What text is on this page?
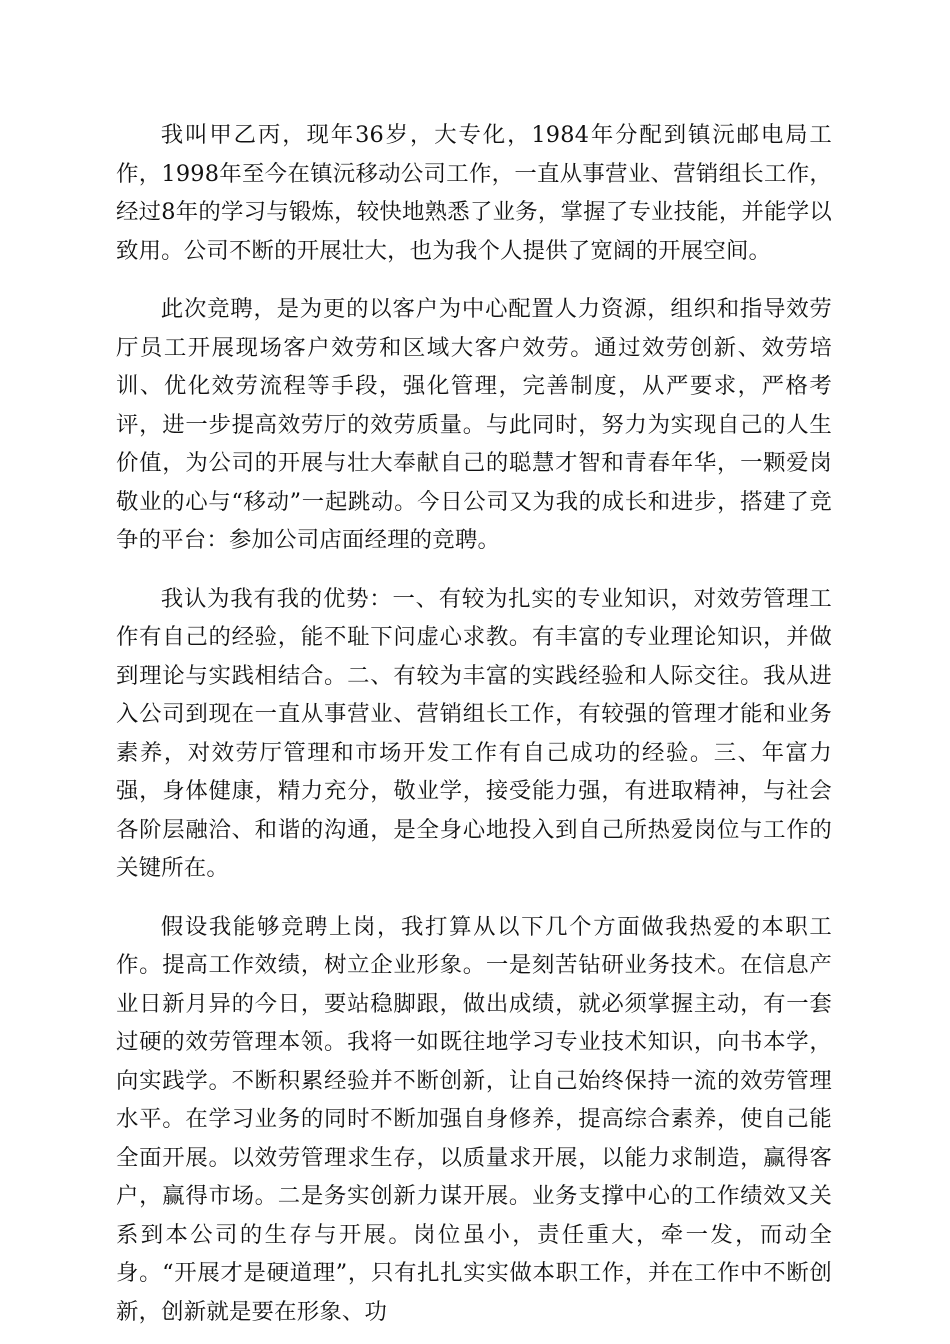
我叫甲乙丙，现年36岁，大专化，1984年分配到镇沅邮电局工作，1998年至今在镇沅移动公司工作，一直从事营业、营销组长工作，经过8年的学习与锻炼，较快地熟悉了业务，掌握了专业技能，并能学以致用。公司不断的开展壮大，也为我个人提供了宽阔的开展空间。

此次竞聘，是为更的以客户为中心配置人力资源，组织和指导效劳厅员工开展现场客户效劳和区域大客户效劳。通过效劳创新、效劳培训、优化效劳流程等手段，强化管理，完善制度，从严要求，严格考评，进一步提高效劳厅的效劳质量。与此同时，努力为实现自己的人生价值，为公司的开展与壮大奉献自己的聪慧才智和青春年华，一颗爱岗敬业的心与“移动”一起跳动。今日公司又为我的成长和进步，搭建了竞争的平台：参加公司店面经理的竞聘。

我认为我有我的优势：一、有较为扎实的专业知识，对效劳管理工作有自己的经验，能不耻下问虚心求教。有丰富的专业理论知识，并做到理论与实践相结合。二、有较为丰富的实践经验和人际交往。我从进入公司到现在一直从事营业、营销组长工作，有较强的管理才能和业务素养，对效劳厅管理和市场开发工作有自己成功的经验。三、年富力强，身体健康，精力充分，敬业学，接受能力强，有进取精神，与社会各阶层融洽、和谐的沟通，是全身心地投入到自己所热爱岗位与工作的关键所在。

假设我能够竞聘上岗，我打算从以下几个方面做我热爱的本职工作。提高工作效绩，树立企业形象。一是刻苦钻研业务技术。在信息产业日新月异的今日，要站稳脚跟，做出成绩，就必须掌握主动，有一套过硬的效劳管理本领。我将一如既往地学习专业技术知识，向书本学，向实践学。不断积累经验并不断创新，让自己始终保持一流的效劳管理水平。在学习业务的同时不断加强自身修养，提高综合素养，使自己能全面开展。以效劳管理求生存，以质量求开展，以能力求制造，赢得客户，赢得市场。二是务实创新力谋开展。业务支撑中心的工作绩效又关系到本公司的生存与开展。岗位虽小，责任重大，牵一发，而动全身。“开展才是硬道理”，只有扎扎实实做本职工作，并在工作中不断创新，创新就是要在形象、功
